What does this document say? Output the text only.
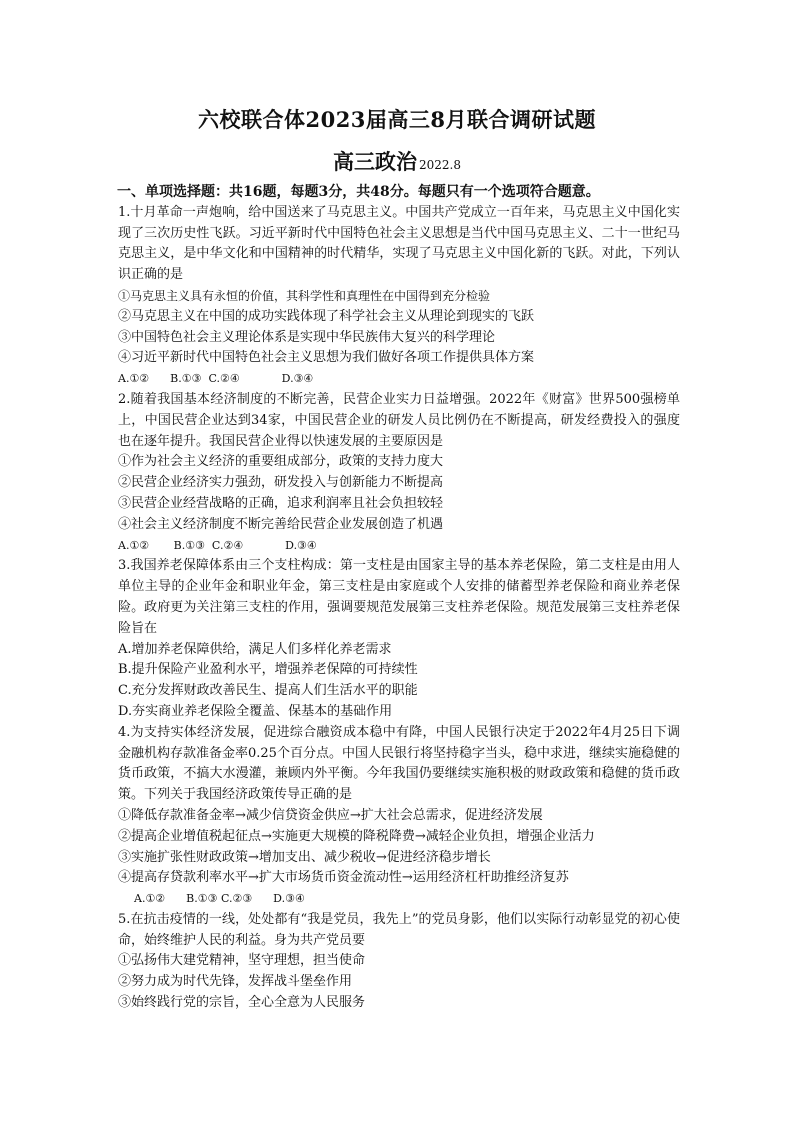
六校联合体2023届高三8月联合调研试题
高三政治 2022.8
一、单项选择题：共16题，每题3分，共48分。每题只有一个选项符合题意。
1.十月革命一声炮响，给中国送来了马克思主义。中国共产党成立一百年来，马克思主义中国化实现了三次历史性飞跃。习近平新时代中国特色社会主义思想是当代中国马克思主义、二十一世纪马克思主义，是中华文化和中国精神的时代精华，实现了马克思主义中国化新的飞跃。对此，下列认识正确的是
①马克思主义具有永恒的价值，其科学性和真理性在中国得到充分检验
②马克思主义在中国的成功实践体现了科学社会主义从理论到现实的飞跃
③中国特色社会主义理论体系是实现中华民族伟大复兴的科学理论
④习近平新时代中国特色社会主义思想为我们做好各项工作提供具体方案
A.①②      B.①③  C.②④            D.③④
2.随着我国基本经济制度的不断完善，民营企业实力日益增强。2022年《财富》世界500强榜单上，中国民营企业达到34家，中国民营企业的研发人员比例仍在不断提高，研发经费投入的强度也在逐年提升。我国民营企业得以快速发展的主要原因是
①作为社会主义经济的重要组成部分，政策的支持力度大
②民营企业经济实力强劲，研发投入与创新能力不断提高
③民营企业经营战略的正确，追求利润率且社会负担较轻
④社会主义经济制度不断完善给民营企业发展创造了机遇
A.①②       B.①③  C.②④            D.③④
3.我国养老保障体系由三个支柱构成：第一支柱是由国家主导的基本养老保险，第二支柱是由用人单位主导的企业年金和职业年金，第三支柱是由家庭或个人安排的储蓄型养老保险和商业养老保险。政府更为关注第三支柱的作用，强调要规范发展第三支柱养老保险。规范发展第三支柱养老保险旨在
A.增加养老保障供给，满足人们多样化养老需求
B.提升保险产业盈利水平，增强养老保障的可持续性
C.充分发挥财政改善民生、提高人们生活水平的职能
D.夯实商业养老保险全覆盖、保基本的基础作用
4.为支持实体经济发展，促进综合融资成本稳中有降，中国人民银行决定于2022年4月25日下调金融机构存款准备金率0.25个百分点。中国人民银行将坚持稳字当头，稳中求进，继续实施稳健的货币政策，不搞大水漫灌，兼顾内外平衡。今年我国仍要继续实施积极的财政政策和稳健的货币政策。下列关于我国经济政策传导正确的是
①降低存款准备金率→减少信贷资金供应→扩大社会总需求，促进经济发展
②提高企业增值税起征点→实施更大规模的降税降费→减轻企业负担，增强企业活力
③实施扩张性财政政策→增加支出、减少税收→促进经济稳步增长
④提高存贷款利率水平→扩大市场货币资金流动性→运用经济杠杆助推经济复苏
A.①②      B.①③ C.②③      D.③④
5.在抗击疫情的一线，处处都有“我是党员，我先上”的党员身影，他们以实际行动彰显党的初心使命，始终维护人民的利益。身为共产党员要
①弘扬伟大建党精神，坚守理想，担当使命
②努力成为时代先锋，发挥战斗堡垒作用
③始终践行党的宗旨，全心全意为人民服务
